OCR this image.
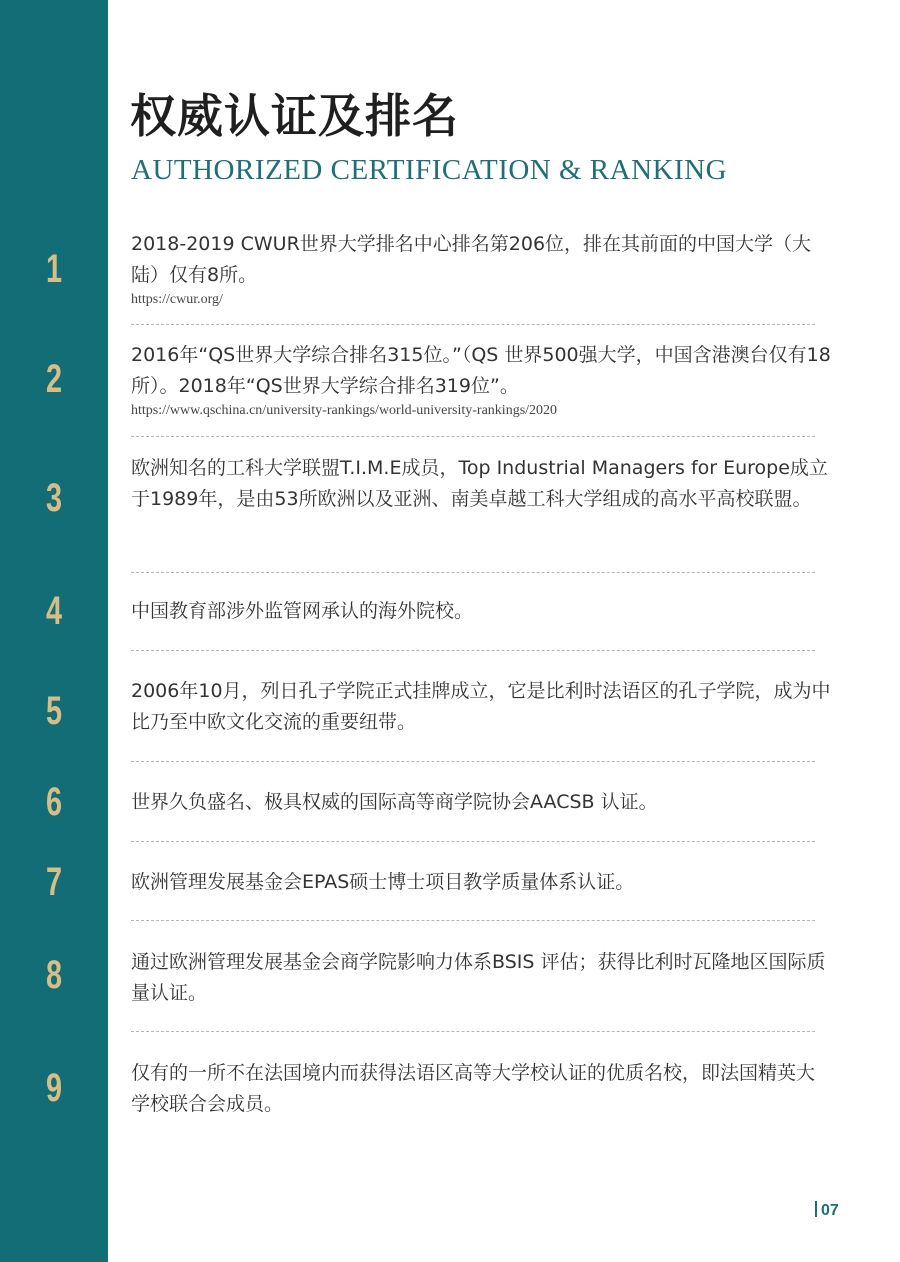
权威认证及排名

AUTHORIZED CERTIFICATION & RANKING

1

2018-2019 CWUR世界大学排名中心排名第206位，排在其前面的中国大学（大陆）仅有8所。

https://cwur.org/

2

2016年“QS世界大学综合排名315位。”（QS 世界500强大学，中国含港澳台仅有18所）。2018年“QS世界大学综合排名319位”。

https://www.qschina.cn/university-rankings/world-university-rankings/2020

3

欧洲知名的工科大学联盟T.I.M.E成员，Top Industrial Managers for Europe成立于1989年，是由53所欧洲以及亚洲、南美卓越工科大学组成的高水平高校联盟。

4	中国教育部涉外监管网承认的海外院校。

5	2006年10月，列日孔子学院正式挂牌成立，它是比利时法语区的孔子学院，成为中比乃至中欧文化交流的重要纽带。

6	世界久负盛名、极具权威的国际高等商学院协会AACSB 认证。

7	欧洲管理发展基金会EPAS硕士博士项目教学质量体系认证。

8	通过欧洲管理发展基金会商学院影响力体系BSIS 评估；获得比利时瓦隆地区国际质量认证。

9	仅有的一所不在法国境内而获得法语区高等大学校认证的优质名校，即法国精英大学校联合会成员。

07
